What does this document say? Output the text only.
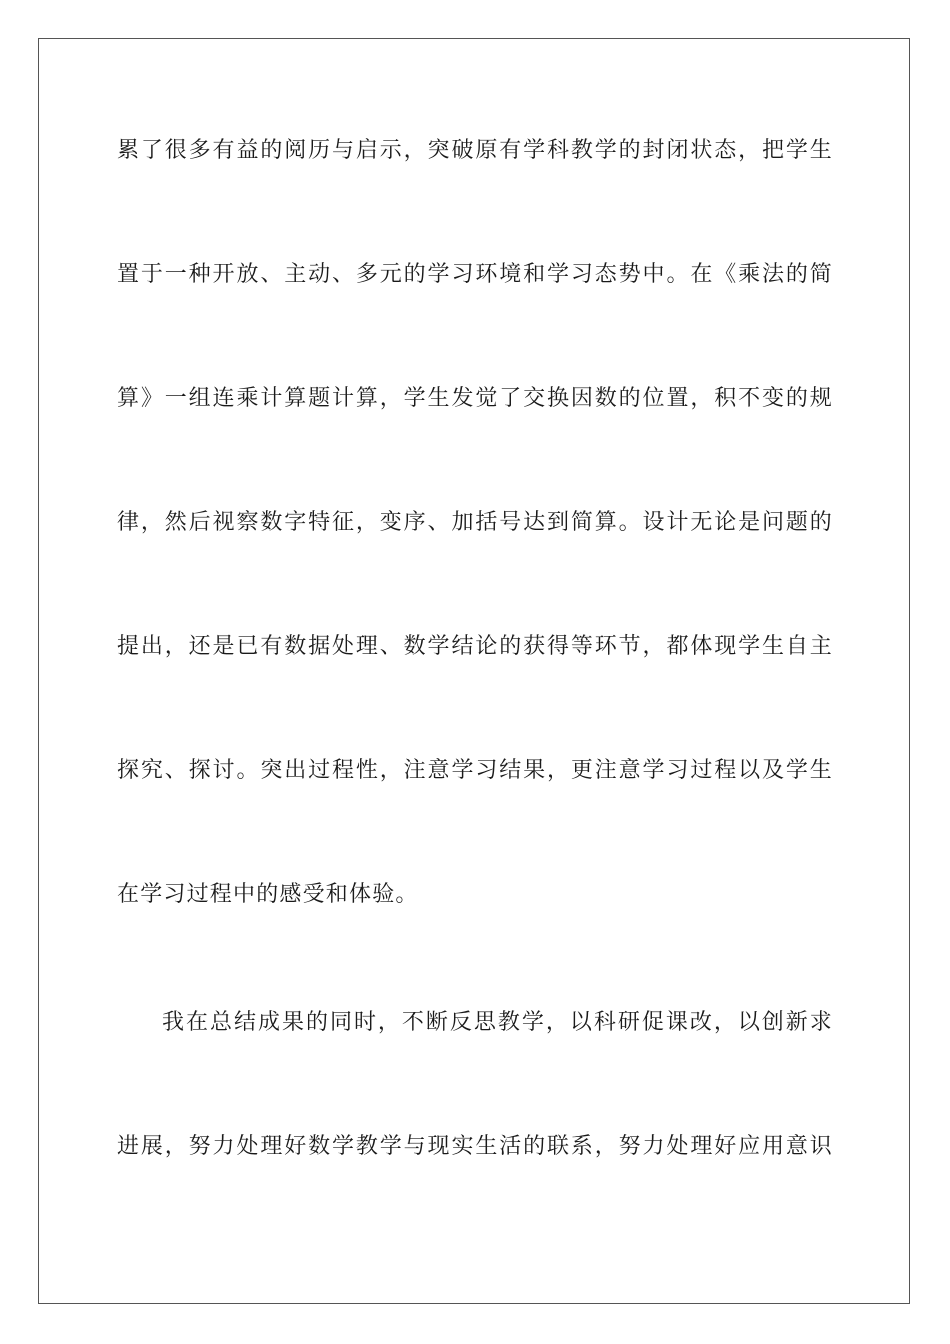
累了很多有益的阅历与启示，突破原有学科教学的封闭状态，把学生
置于一种开放、主动、多元的学习环境和学习态势中。在《乘法的简
算》一组连乘计算题计算，学生发觉了交换因数的位置，积不变的规
律，然后视察数字特征，变序、加括号达到简算。设计无论是问题的
提出，还是已有数据处理、数学结论的获得等环节，都体现学生自主
探究、探讨。突出过程性，注意学习结果，更注意学习过程以及学生
在学习过程中的感受和体验。
我在总结成果的同时，不断反思教学，以科研促课改，以创新求
进展，努力处理好数学教学与现实生活的联系，努力处理好应用意识
